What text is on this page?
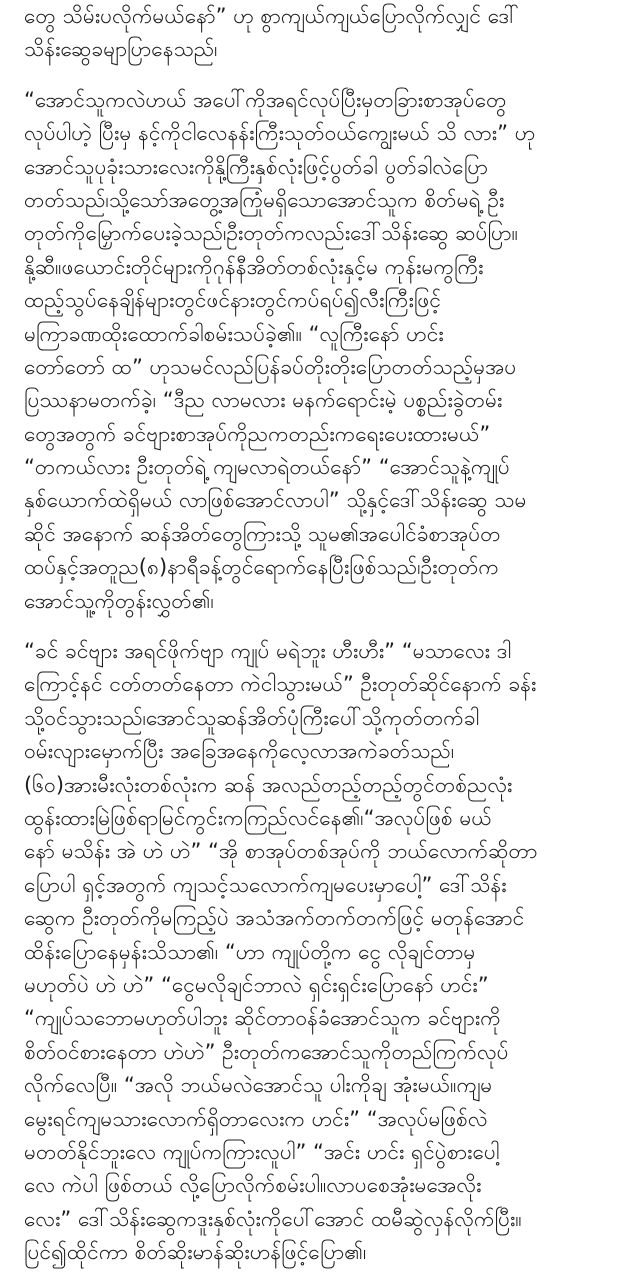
တွေ သိမ်းပလိုက်မယ်နော်” ဟု စွာကျယ်ကျယ်ပြောလိုက်လျှင် ဒေါ်
သိန်းဆွေခမျာပြာနေသည်၊
“အောင်သူကလဲဟယ် အပေါ်ကိုအရင်လုပ်ပြီးမှတခြားစာအုပ်တွေ
လုပ်ပါဟဲ့ ပြီးမှ နင့်ကိုငါလေနန်းကြီးသုတ်ဝယ်ကျွေးမယ် သိ လား” ဟု
အောင်သူပုခုံးသားလေးကိုနို့ကြီးနှစ်လုံးဖြင့်ပွတ်ခါ ပွတ်ခါလဲပြော
တတ်သည်၊သို့သော်အတွေ့အကြုံမရှိသောအောင်သူက စိတ်မရဲ့ ဦး
တုတ်ကိုမြှောက်ပေးခဲ့သည်၊ဦးတုတ်ကလည်းဒေါ်သိန်းဆွေ ဆပ်ပြာ။
နို့ဆီ။ဖယောင်းတိုင်များကိုဂုန်နီအိတ်တစ်လုံးနှင့်မ ကုန်းမကွကြီး
ထည့်သွပ်နေချိန်များတွင်ဖင်နားတွင်ကပ်ရပ်၍လီးကြီးဖြင့်
မကြာခဏထိုးထောက်ခါစမ်းသပ်ခဲ့၏။ “လူကြီးနော် ဟင်း
တော်တော် ထ” ဟုသမင်လည်ပြန်ခပ်တိုးတိုးပြောတတ်သည့်မှအပ
ပြဿနာမတက်ခဲ့၊ “ဒီည လာမလား မနက်ရောင်းမဲ့ ပစ္စည်းခွဲတမ်း
တွေအတွက် ခင်ဗျားစာအုပ်ကိုညကတည်းကရေးပေးထားမယ်”
“တကယ်လား ဦးတုတ်ရဲ့ ကျမလာရဲတယ်နော်” “အောင်သူနဲ့ကျုပ်
နှစ်ယောက်ထဲရှိမယ် လာဖြစ်အောင်လာပါ” သို့နှင့်ဒေါ်သိန်းဆွေ သမ
ဆိုင် အနောက် ဆန်အိတ်တွေကြားသို့ သူမ၏အပေါင်ခံစာအုပ်တ
ထပ်နှင့်အတူည(၈)နာရီခန့်တွင်ရောက်နေပြီးဖြစ်သည်၊ဦးတုတ်က
အောင်သူ့ကိုတွန်းလွှတ်၏၊
“ခင် ခင်ဗျား အရင်ဖိုက်ဗျာ ကျုပ် မရဲဘူး ဟီးဟီး” “မသာလေး ဒါ
ကြောင့်နင် ငတ်တတ်နေတာ ကဲငါသွားမယ်” ဦးတုတ်ဆိုင်နောက် ခန်း
သို့ဝင်သွားသည်၊အောင်သူဆန်အိတ်ပုံကြီးပေါ်သို့ကုတ်တက်ခါ
ဝမ်းလျားမှောက်ပြီး အခြေအနေကိုလေ့လာအကဲခတ်သည်၊
(၆၀)အားမီးလုံးတစ်လုံးက ဆန် အလည်တည့်တည့်တွင်တစ်ညလုံး
ထွန်းထားမြဲဖြစ်ရာမြင်ကွင်းကကြည်လင်နေ၏၊“အလုပ်ဖြစ် မယ်
နော် မသိန်း အဲ ဟဲ ဟဲ” “အို စာအုပ်တစ်အုပ်ကို ဘယ်လောက်ဆိုတာ
ပြောပါ ရှင့်အတွက် ကျသင့်သလောက်ကျမပေးမှာပေါ့” ဒေါ်သိန်း
ဆွေက ဦးတုတ်ကိုမကြည့်ပဲ အသံအက်တက်တက်ဖြင့် မတုန်အောင်
ထိန်းပြောနေမှန်းသိသာ၏၊ “ဟာ ကျုပ်တို့က ငွေ လိုချင်တာမှ
မဟုတ်ပဲ ဟဲ ဟဲ” “ငွေမလိုချင်ဘာလဲ ရှင်းရှင်းပြောနော် ဟင်း”
“ကျုပ်သဘောမဟုတ်ပါဘူး ဆိုင်တာဝန်ခံအောင်သူက ခင်ဗျားကို
စိတ်ဝင်စားနေတာ ဟဲဟဲ” ဦးတုတ်ကအောင်သူကိုတည်ကြက်လုပ်
လိုက်လေပြီ။ “အလို ဘယ်မလဲအောင်သူ ပါးကိုချ အုံးမယ်။ကျမ
မွေးရင်ကျမသားလောက်ရှိတာလေးက ဟင်း” “အလုပ်မဖြစ်လဲ
မတတ်နိုင်ဘူးလေ ကျုပ်ကကြားလူပါ” “အင်း ဟင်း ရှင်ပွဲစားပေါ့
လေ ကဲပါ ဖြစ်တယ် လို့ပြောလိုက်စမ်းပါ။လာပစေအုံးမအေလိုး
လေး” ဒေါ်သိန်းဆွေကဒူးနှစ်လုံးကိုပေါ်အောင် ထမီဆွဲလှန်လိုက်ပြီး။
ပြင်၍ထိုင်ကာ စိတ်ဆိုးမာန်ဆိုးဟန်ဖြင့်ပြော၏၊
